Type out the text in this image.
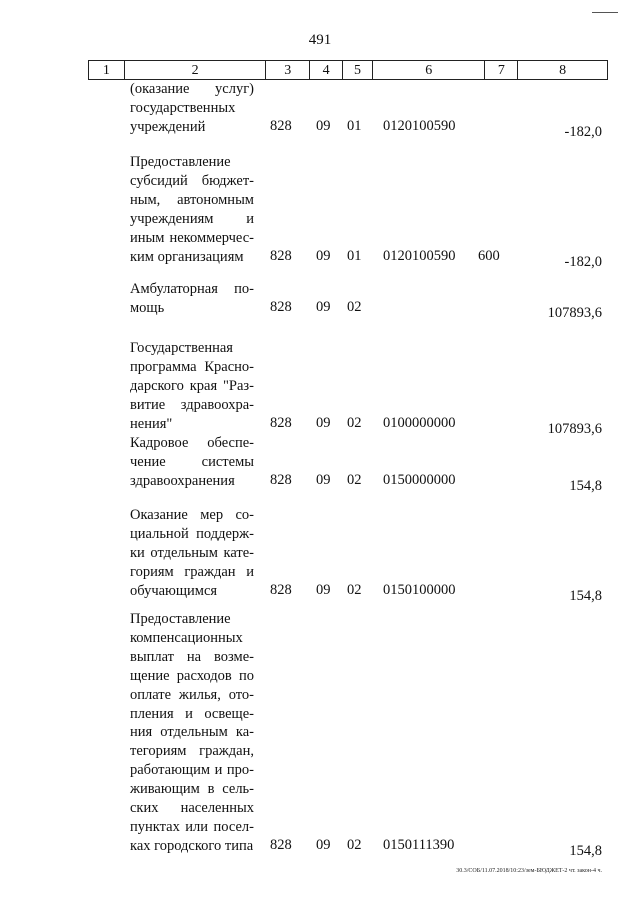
491
1	2	3	4	5	6	7	8
(оказание услуг)
государственных
учреждений	828 09 01 0120100590	-182,0
Предоставление
субсидий бюджет-
ным, автономным
учреждениям и
иным некоммерчес-
ким организациям	828 09 01 0120100590 600	-182,0
Амбулаторная по-
мощь	828 09 02	107893,6
Государственная
программа Красно-
дарского края "Раз-
витие здравоохра-
нения"	828 09 02 0100000000	107893,6
Кадровое обеспе-
чение системы
здравоохранения	828 09 02 0150000000	154,8
Оказание мер со-
циальной поддерж-
ки отдельным кате-
гориям граждан и
обучающимся	828 09 02 0150100000	154,8
Предоставление
компенсационных
выплат на возме-
щение расходов по
оплате жилья, ото-
пления и освеще-
ния отдельным ка-
тегориям граждан,
работающим и про-
живающим в сель-
ских населенных
пунктах или посел-
ках городского типа 828 09 02 0150111390	154,8
30.3/СОБ/11.07.2018/10:23/зем-БЮДЖЕТ-2 чт. закон-4 ч.
